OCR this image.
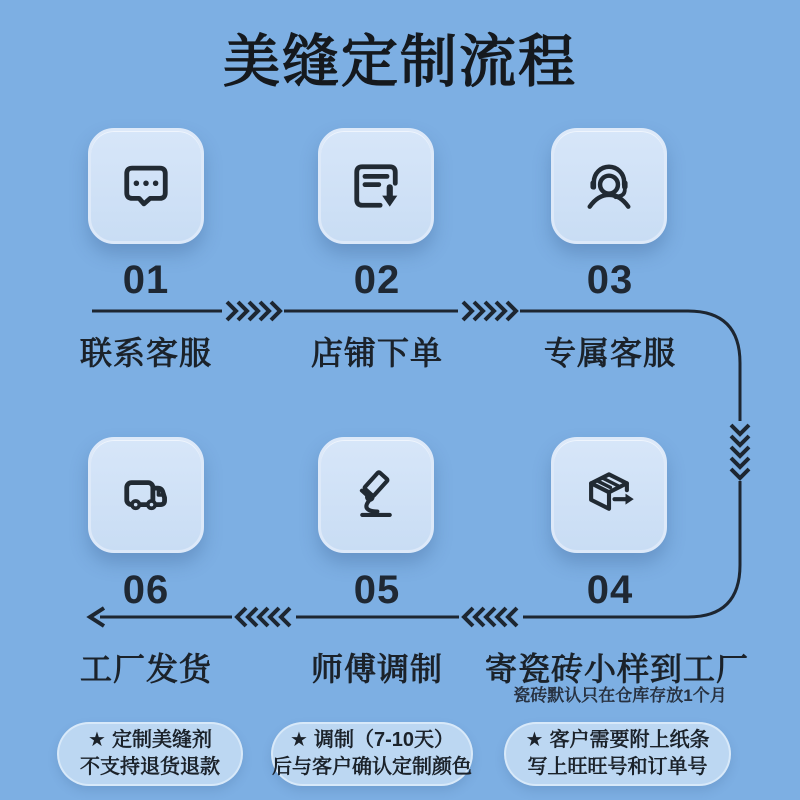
美缝定制流程
01
联系客服
02
店铺下单
03
专属客服
04
寄瓷砖小样到工厂
瓷砖默认只在仓库存放1个月
05
师傅调制
06
工厂发货
★ 定制美缝剂
不支持退货退款
★ 调制（7-10天）
后与客户确认定制颜色
★ 客户需要附上纸条
写上旺旺号和订单号
